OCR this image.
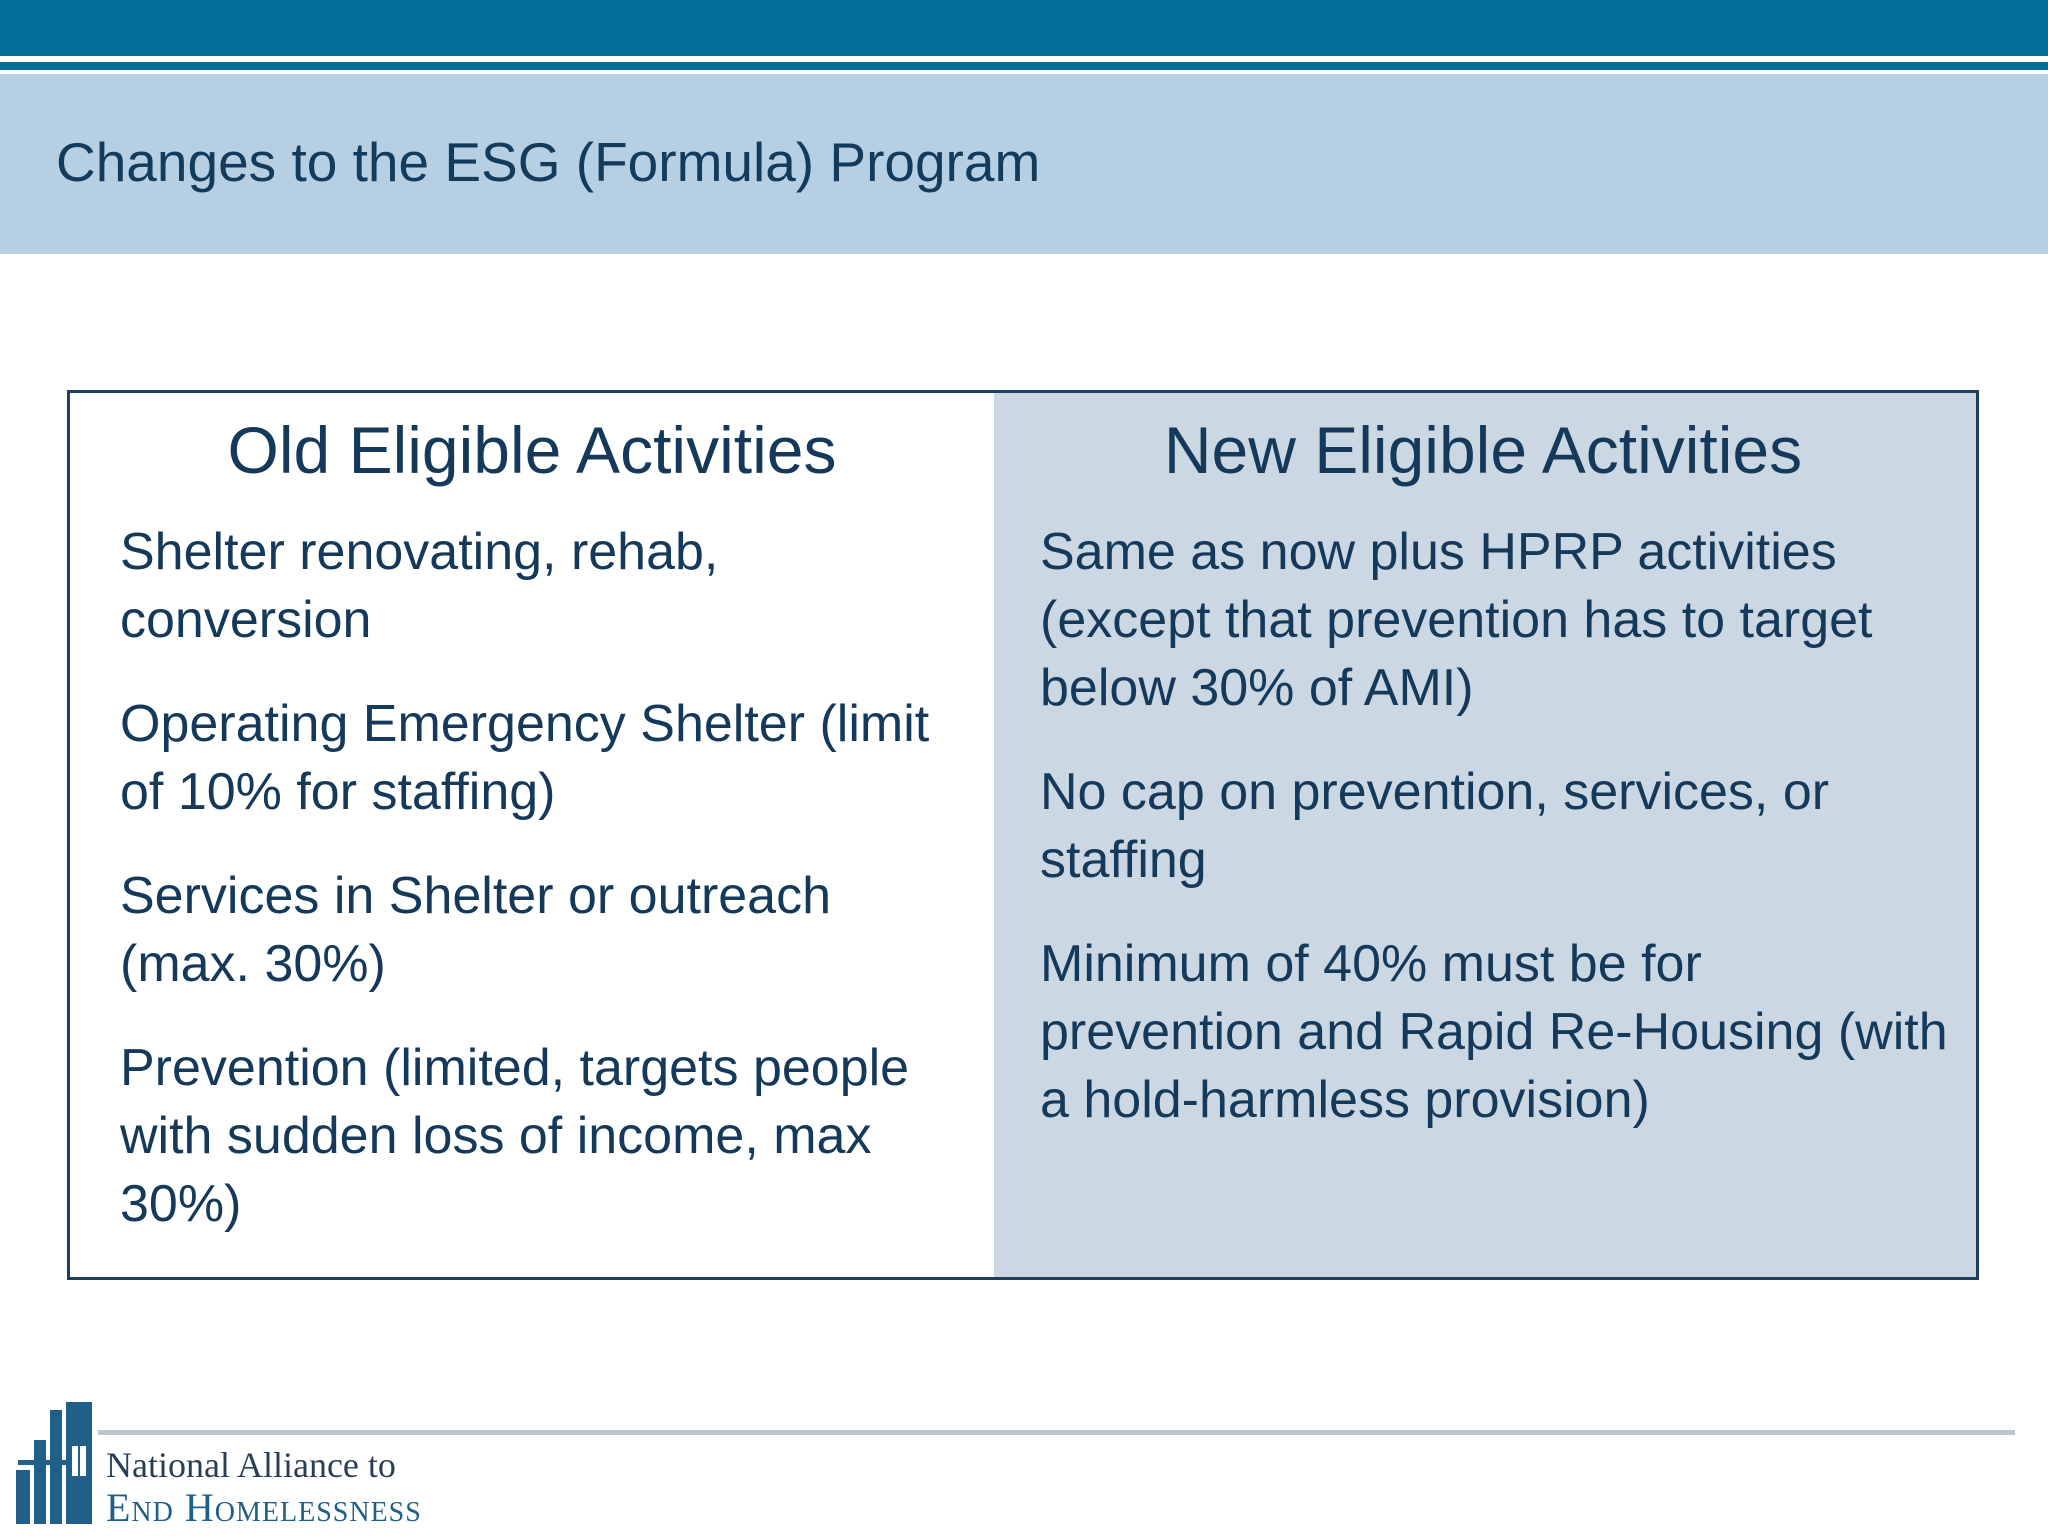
Changes to the ESG (Formula) Program
Old Eligible Activities
Shelter renovating, rehab, conversion
Operating Emergency Shelter (limit of 10% for staffing)
Services in Shelter or outreach (max. 30%)
Prevention (limited, targets people with sudden loss of income, max 30%)
New Eligible Activities
Same as now plus HPRP activities (except that prevention has to target below 30% of AMI)
No cap on prevention, services, or staffing
Minimum of 40% must be for prevention and Rapid Re-Housing (with a hold-harmless provision)
National Alliance to
End Homelessness
